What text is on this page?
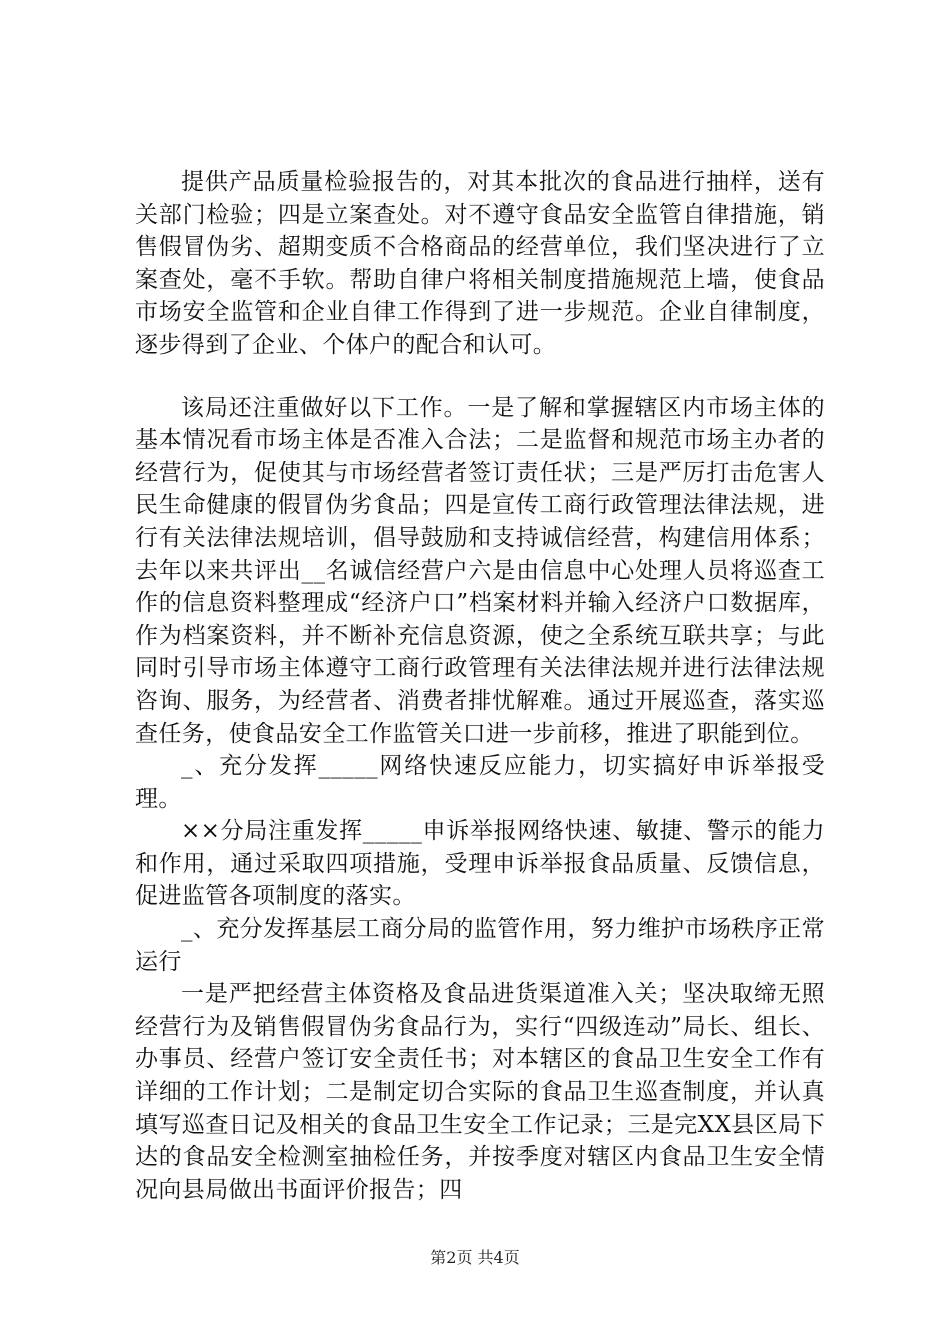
提供产品质量检验报告的，对其本批次的食品进行抽样，送有关部门检验；四是立案查处。对不遵守食品安全监管自律措施，销售假冒伪劣、超期变质不合格商品的经营单位，我们坚决进行了立案查处，毫不手软。帮助自律户将相关制度措施规范上墙，使食品市场安全监管和企业自律工作得到了进一步规范。企业自律制度，逐步得到了企业、个体户的配合和认可。

该局还注重做好以下工作。一是了解和掌握辖区内市场主体的基本情况看市场主体是否准入合法；二是监督和规范市场主办者的经营行为，促使其与市场经营者签订责任状；三是严厉打击危害人民生命健康的假冒伪劣食品；四是宣传工商行政管理法律法规，进行有关法律法规培训，倡导鼓励和支持诚信经营，构建信用体系；去年以来共评出__名诚信经营户六是由信息中心处理人员将巡查工作的信息资料整理成“经济户口”档案材料并输入经济户口数据库，作为档案资料，并不断补充信息资源，使之全系统互联共享；与此同时引导市场主体遵守工商行政管理有关法律法规并进行法律法规咨询、服务，为经营者、消费者排忧解难。通过开展巡查，落实巡查任务，使食品安全工作监管关口进一步前移，推进了职能到位。

_、充分发挥_____网络快速反应能力，切实搞好申诉举报受理。

××分局注重发挥_____申诉举报网络快速、敏捷、警示的能力和作用，通过采取四项措施，受理申诉举报食品质量、反馈信息，促进监管各项制度的落实。

_、充分发挥基层工商分局的监管作用，努力维护市场秩序正常运行

一是严把经营主体资格及食品进货渠道准入关；坚决取缔无照经营行为及销售假冒伪劣食品行为，实行“四级连动”局长、组长、办事员、经营户签订安全责任书；对本辖区的食品卫生安全工作有详细的工作计划；二是制定切合实际的食品卫生巡查制度，并认真填写巡查日记及相关的食品卫生安全工作记录；三是完XX县区局下达的食品安全检测室抽检任务，并按季度对辖区内食品卫生安全情况向县局做出书面评价报告；四

第2页 共4页
